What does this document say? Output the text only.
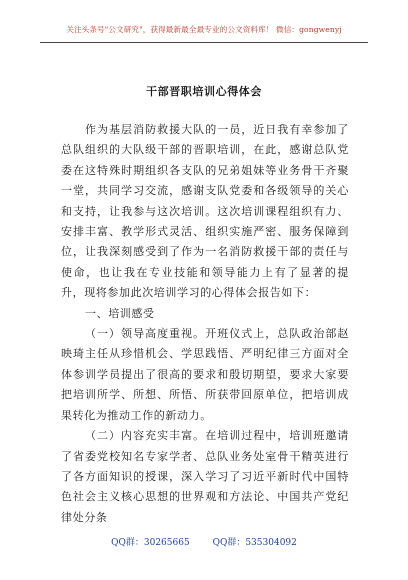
关注头条号"公文研究"，获得最新最全最专业的公文资料库！ 微信：gongwenyj
干部晋职培训心得体会

作为基层消防救援大队的一员，近日我有幸参加了总队组织的大队级干部的晋职培训，在此，感谢总队党委在这特殊时期组织各支队的兄弟姐妹等业务骨干齐聚一堂，共同学习交流，感谢支队党委和各级领导的关心和支持，让我参与这次培训。这次培训课程组织有力、安排丰富、教学形式灵活、组织实施严密、服务保障到位，让我深刻感受到了作为一名消防救援干部的责任与使命，也让我在专业技能和领导能力上有了显著的提升，现将参加此次培训学习的心得体会报告如下：

一、培训感受

（一）领导高度重视。开班仪式上，总队政治部赵映琦主任从珍惜机会、学思践悟、严明纪律三方面对全体参训学员提出了很高的要求和殷切期望，要求大家要把培训所学、所想、所悟、所获带回原单位，把培训成果转化为推动工作的新动力。

（二）内容充实丰富。在培训过程中，培训班邀请了省委党校知名专家学者、总队业务处室骨干精英进行了各方面知识的授课，深入学习了习近平新时代中国特色社会主义核心思想的世界观和方法论、中国共产党纪律处分条

QQ群：30265665	QQ群：535304092
